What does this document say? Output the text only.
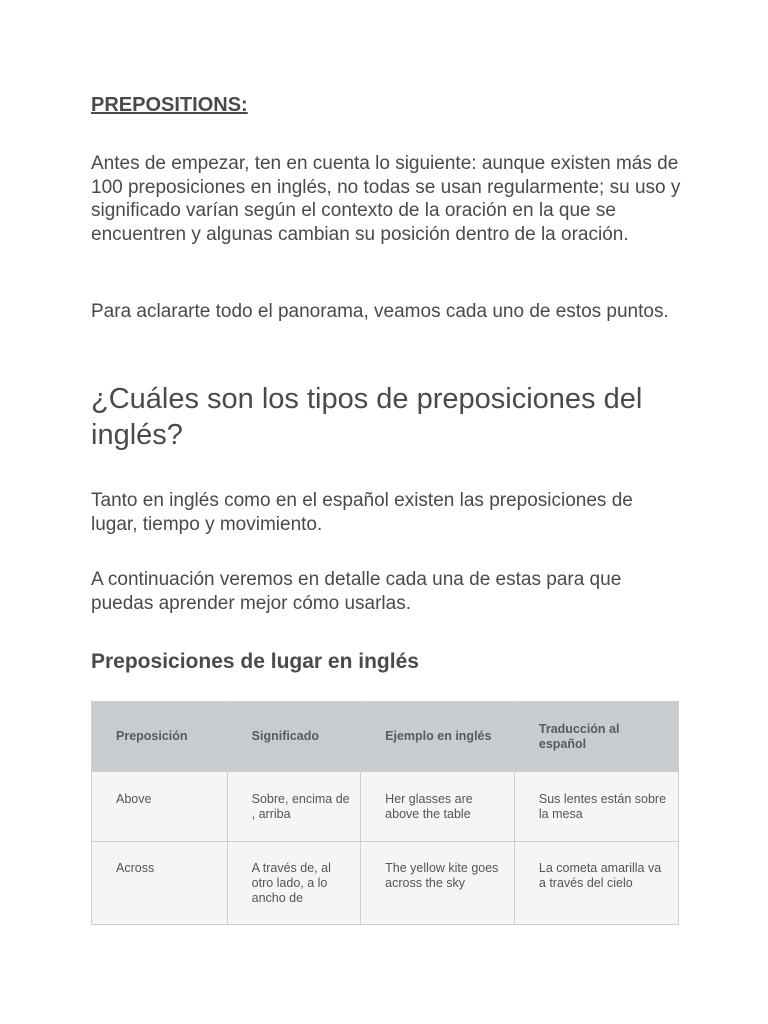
PREPOSITIONS:

Antes de empezar, ten en cuenta lo siguiente: aunque existen más de 100 preposiciones en inglés, no todas se usan regularmente; su uso y significado varían según el contexto de la oración en la que se encuentren y algunas cambian su posición dentro de la oración.

Para aclararte todo el panorama, veamos cada uno de estos puntos.

¿Cuáles son los tipos de preposiciones del inglés?

Tanto en inglés como en el español existen las preposiciones de lugar, tiempo y movimiento.

A continuación veremos en detalle cada una de estas para que puedas aprender mejor cómo usarlas.

Preposiciones de lugar en inglés
Preposición	Significado	Ejemplo en inglés	Traducción al español
Above	Sobre, encima de , arriba	Her glasses are above the table	Sus lentes están sobre la mesa
Across	A través de, al otro lado, a lo ancho de	The yellow kite goes across the sky	La cometa amarilla va a través del cielo
